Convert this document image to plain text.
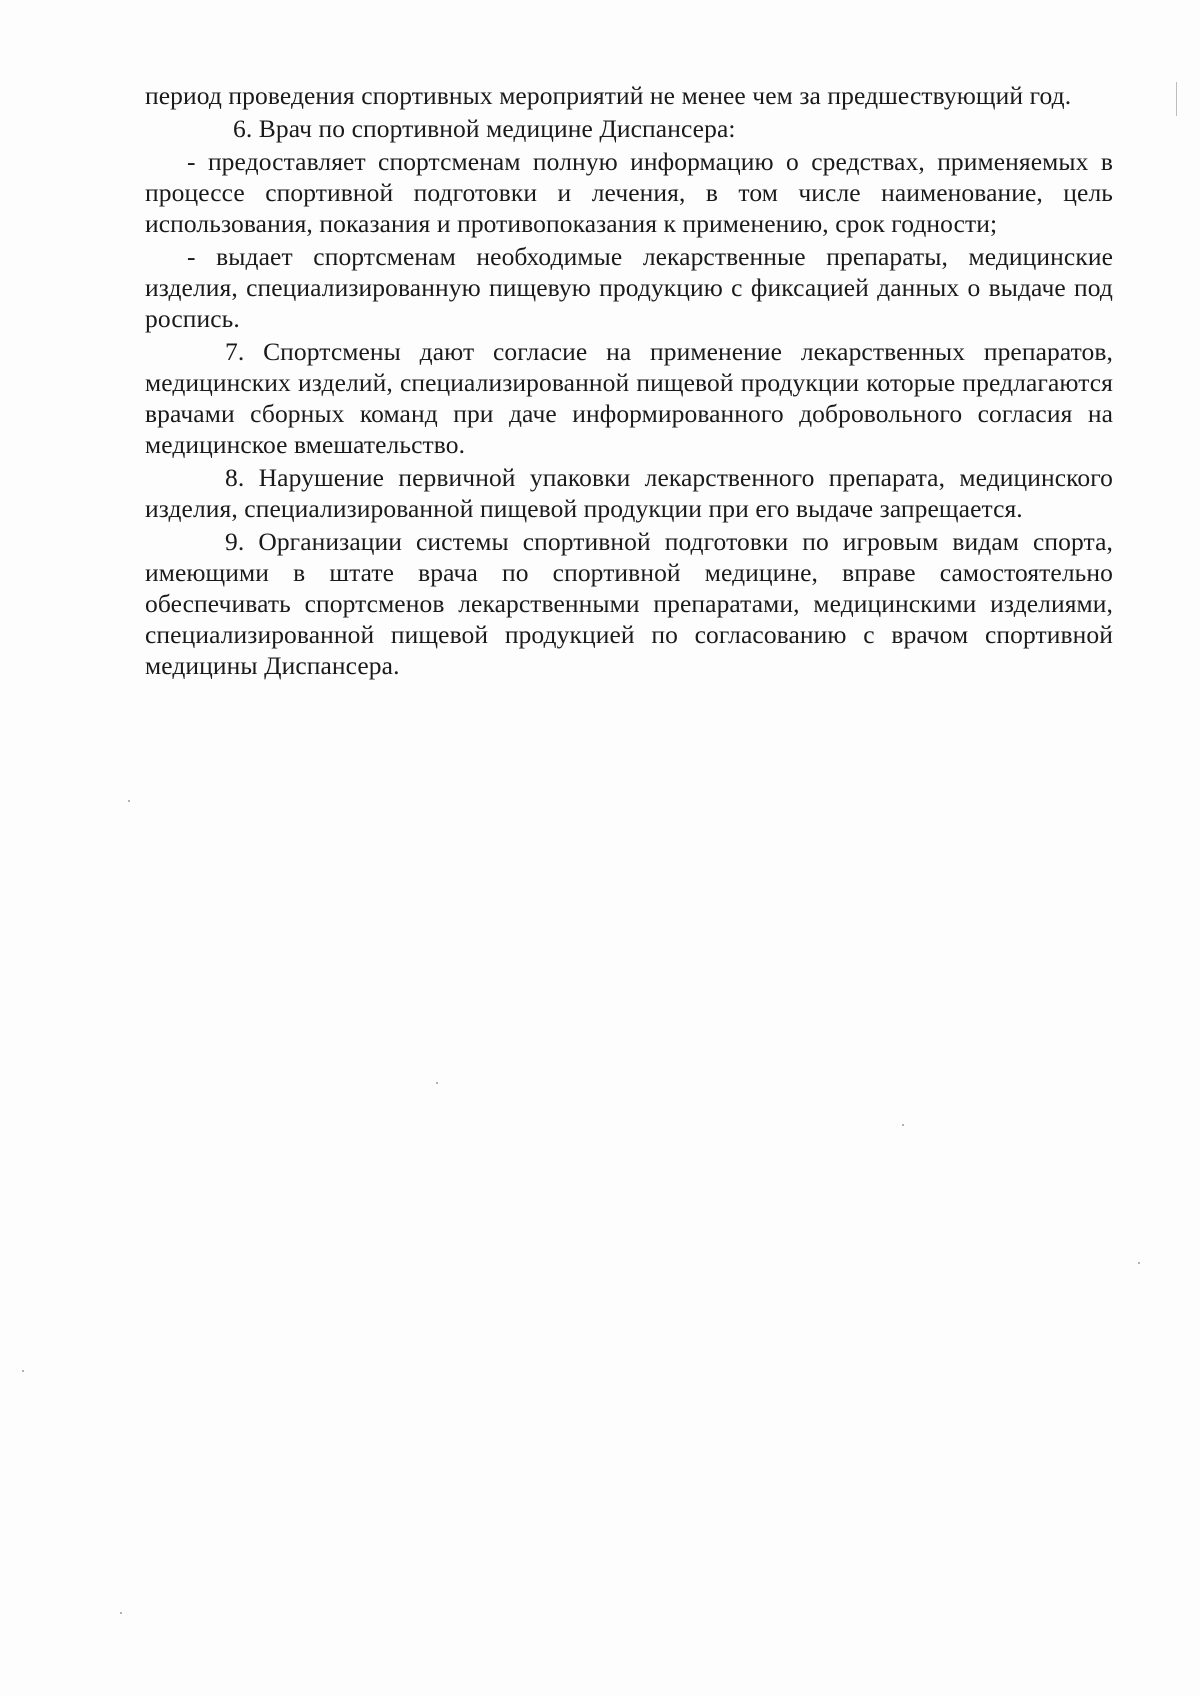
период проведения спортивных мероприятий не менее чем за предшествующий год.

6. Врач по спортивной медицине Диспансера:

- предоставляет спортсменам полную информацию о средствах, применяемых в процессе спортивной подготовки и лечения, в том числе наименование, цель использования, показания и противопоказания к применению, срок годности;

- выдает спортсменам необходимые лекарственные препараты, медицинские изделия, специализированную пищевую продукцию с фиксацией данных о выдаче под роспись.

7. Спортсмены дают согласие на применение лекарственных препаратов, медицинских изделий, специализированной пищевой продукции которые предлагаются врачами сборных команд при даче информированного добровольного согласия на медицинское вмешательство.

8. Нарушение первичной упаковки лекарственного препарата, медицинского изделия, специализированной пищевой продукции при его выдаче запрещается.

9. Организации системы спортивной подготовки по игровым видам спорта, имеющими в штате врача по спортивной медицине, вправе самостоятельно обеспечивать спортсменов лекарственными препаратами, медицинскими изделиями, специализированной пищевой продукцией по согласованию с врачом спортивной медицины Диспансера.
